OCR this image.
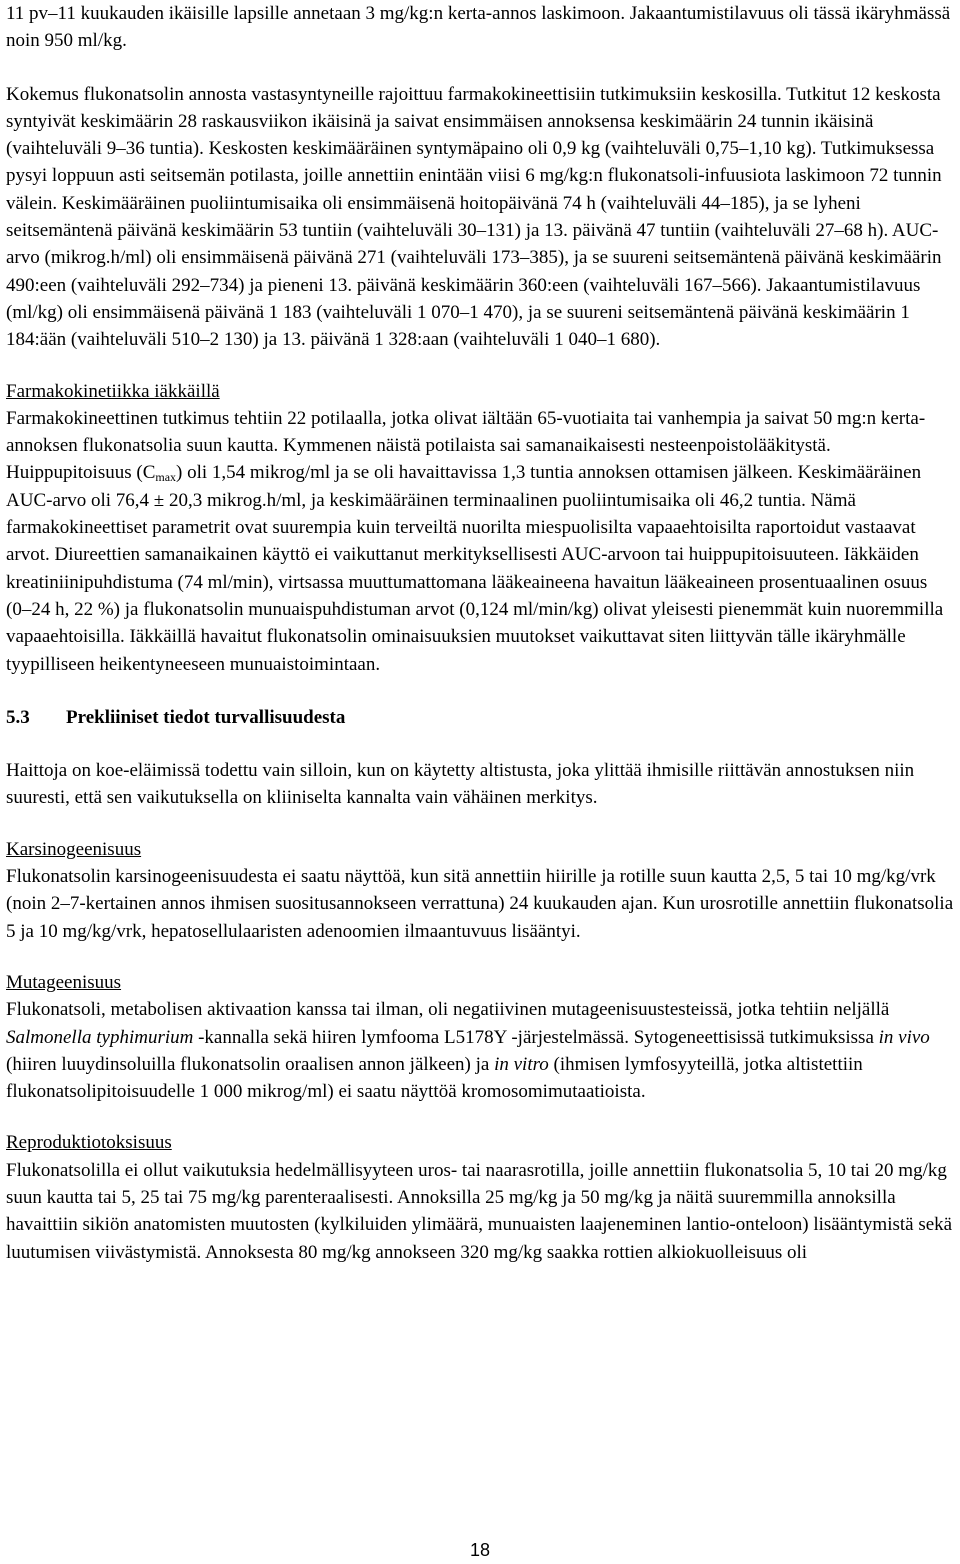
11 pv–11 kuukauden ikäisille lapsille annetaan 3 mg/kg:n kerta-annos laskimoon. Jakaantumistilavuus oli tässä ikäryhmässä noin 950 ml/kg.

Kokemus flukonatsolin annosta vastasyntyneille rajoittuu farmakokineettisiin tutkimuksiin keskosilla. Tutkitut 12 keskosta syntyivät keskimäärin 28 raskausviikon ikäisinä ja saivat ensimmäisen annoksensa keskimäärin 24 tunnin ikäisinä (vaihteluväli 9–36 tuntia). Keskosten keskimääräinen syntymäpaino oli 0,9 kg (vaihteluväli 0,75–1,10 kg). Tutkimuksessa pysyi loppuun asti seitsemän potilasta, joille annettiin enintään viisi 6 mg/kg:n flukonatsoli-infuusiota laskimoon 72 tunnin välein. Keskimääräinen puoliintumisaika oli ensimmäisenä hoitopäivänä 74 h (vaihteluväli 44–185), ja se lyheni seitsemäntenä päivänä keskimäärin 53 tuntiin (vaihteluväli 30–131) ja 13. päivänä 47 tuntiin (vaihteluväli 27–68 h). AUC-arvo (mikrog.h/ml) oli ensimmäisenä päivänä 271 (vaihteluväli 173–385), ja se suureni seitsemäntenä päivänä keskimäärin 490:een (vaihteluväli 292–734) ja pieneni 13. päivänä keskimäärin 360:een (vaihteluväli 167–566). Jakaantumistilavuus (ml/kg) oli ensimmäisenä päivänä 1 183 (vaihteluväli 1 070–1 470), ja se suureni seitsemäntenä päivänä keskimäärin 1 184:ään (vaihteluväli 510–2 130) ja 13. päivänä 1 328:aan (vaihteluväli 1 040–1 680).

Farmakokinetiikka iäkkäillä

Farmakokineettinen tutkimus tehtiin 22 potilaalla, jotka olivat iältään 65-vuotiaita tai vanhempia ja saivat 50 mg:n kerta-annoksen flukonatsolia suun kautta. Kymmenen näistä potilaista sai samanaikaisesti nesteenpoistolääkitystä. Huippupitoisuus $(C_{max})$ oli 1,54 mikrog/ml ja se oli havaittavissa 1,3 tuntia annoksen ottamisen jälkeen. Keskimääräinen AUC-arvo oli 76,4 ± 20,3 mikrog.h/ml, ja keskimääräinen terminaalinen puoliintumisaika oli 46,2 tuntia. Nämä farmakokineettiset parametrit ovat suurempia kuin terveiltä nuorilta miespuolisilta vapaaehtoisilta raportoidut vastaavat arvot. Diureettien samanaikainen käyttö ei vaikuttanut merkityksellisesti AUC-arvoon tai huippupitoisuuteen. Iäkkäiden kreatiniinipuhdistuma (74 ml/min), virtsassa muuttumattomana lääkeaineena havaitun lääkeaineen prosentuaalinen osuus (0–24 h, 22 %) ja flukonatsolin munuaispuhdistuman arvot (0,124 ml/min/kg) olivat yleisesti pienemmät kuin nuoremmilla vapaaehtoisilla. Iäkkäillä havaitut flukonatsolin ominaisuuksien muutokset vaikuttavat siten liittyvän tälle ikäryhmälle tyypilliseen heikentyneeseen munuaistoimintaan.

5.3 Prekliiniset tiedot turvallisuudesta

Haittoja on koe-eläimissä todettu vain silloin, kun on käytetty altistusta, joka ylittää ihmisille riittävän annostuksen niin suuresti, että sen vaikutuksella on kliiniselta kannalta vain vähäinen merkitys.

Karsinogeenisuus

Flukonatsolin karsinogeenisuudesta ei saatu näyttöä, kun sitä annettiin hiirille ja rotille suun kautta 2,5, 5 tai 10 mg/kg/vrk (noin 2–7-kertainen annos ihmisen suositusannokseen verrattuna) 24 kuukauden ajan. Kun urosrotille annettiin flukonatsolia 5 ja 10 mg/kg/vrk, hepatosellulaaristen adenoomien ilmaantuvuus lisääntyi.

Mutageenisuus

Flukonatsoli, metabolisen aktivaation kanssa tai ilman, oli negatiivinen mutageenisuustesteissä, jotka tehtiin neljällä Salmonella typhimurium -kannalla sekä hiiren lymfooma L5178Y -järjestelmässä. Sytogeneettisissä tutkimuksissa in vivo (hiiren luuydinsoluilla flukonatsolin oraalisen annon jälkeen) ja in vitro (ihmisen lymfosyyteillä, jotka altistettiin flukonatsolipitoisuudelle 1 000 mikrog/ml) ei saatu näyttöä kromosomimutaatioista.

Reproduktiotoksisuus

Flukonatsolilla ei ollut vaikutuksia hedelmällisyyteen uros- tai naarasrotilla, joille annettiin flukonatsolia 5, 10 tai 20 mg/kg suun kautta tai 5, 25 tai 75 mg/kg parenteraalisesti. Annoksilla 25 mg/kg ja 50 mg/kg ja näitä suuremmilla annoksilla havaittiin sikiön anatomisten muutosten (kylkiluiden ylimäärä, munuaisten laajeneminen lantio-onteloon) lisääntymistä sekä luutumisen viivästymistä. Annoksesta 80 mg/kg annokseen 320 mg/kg saakka rottien alkiokuolleisuus oli

18
